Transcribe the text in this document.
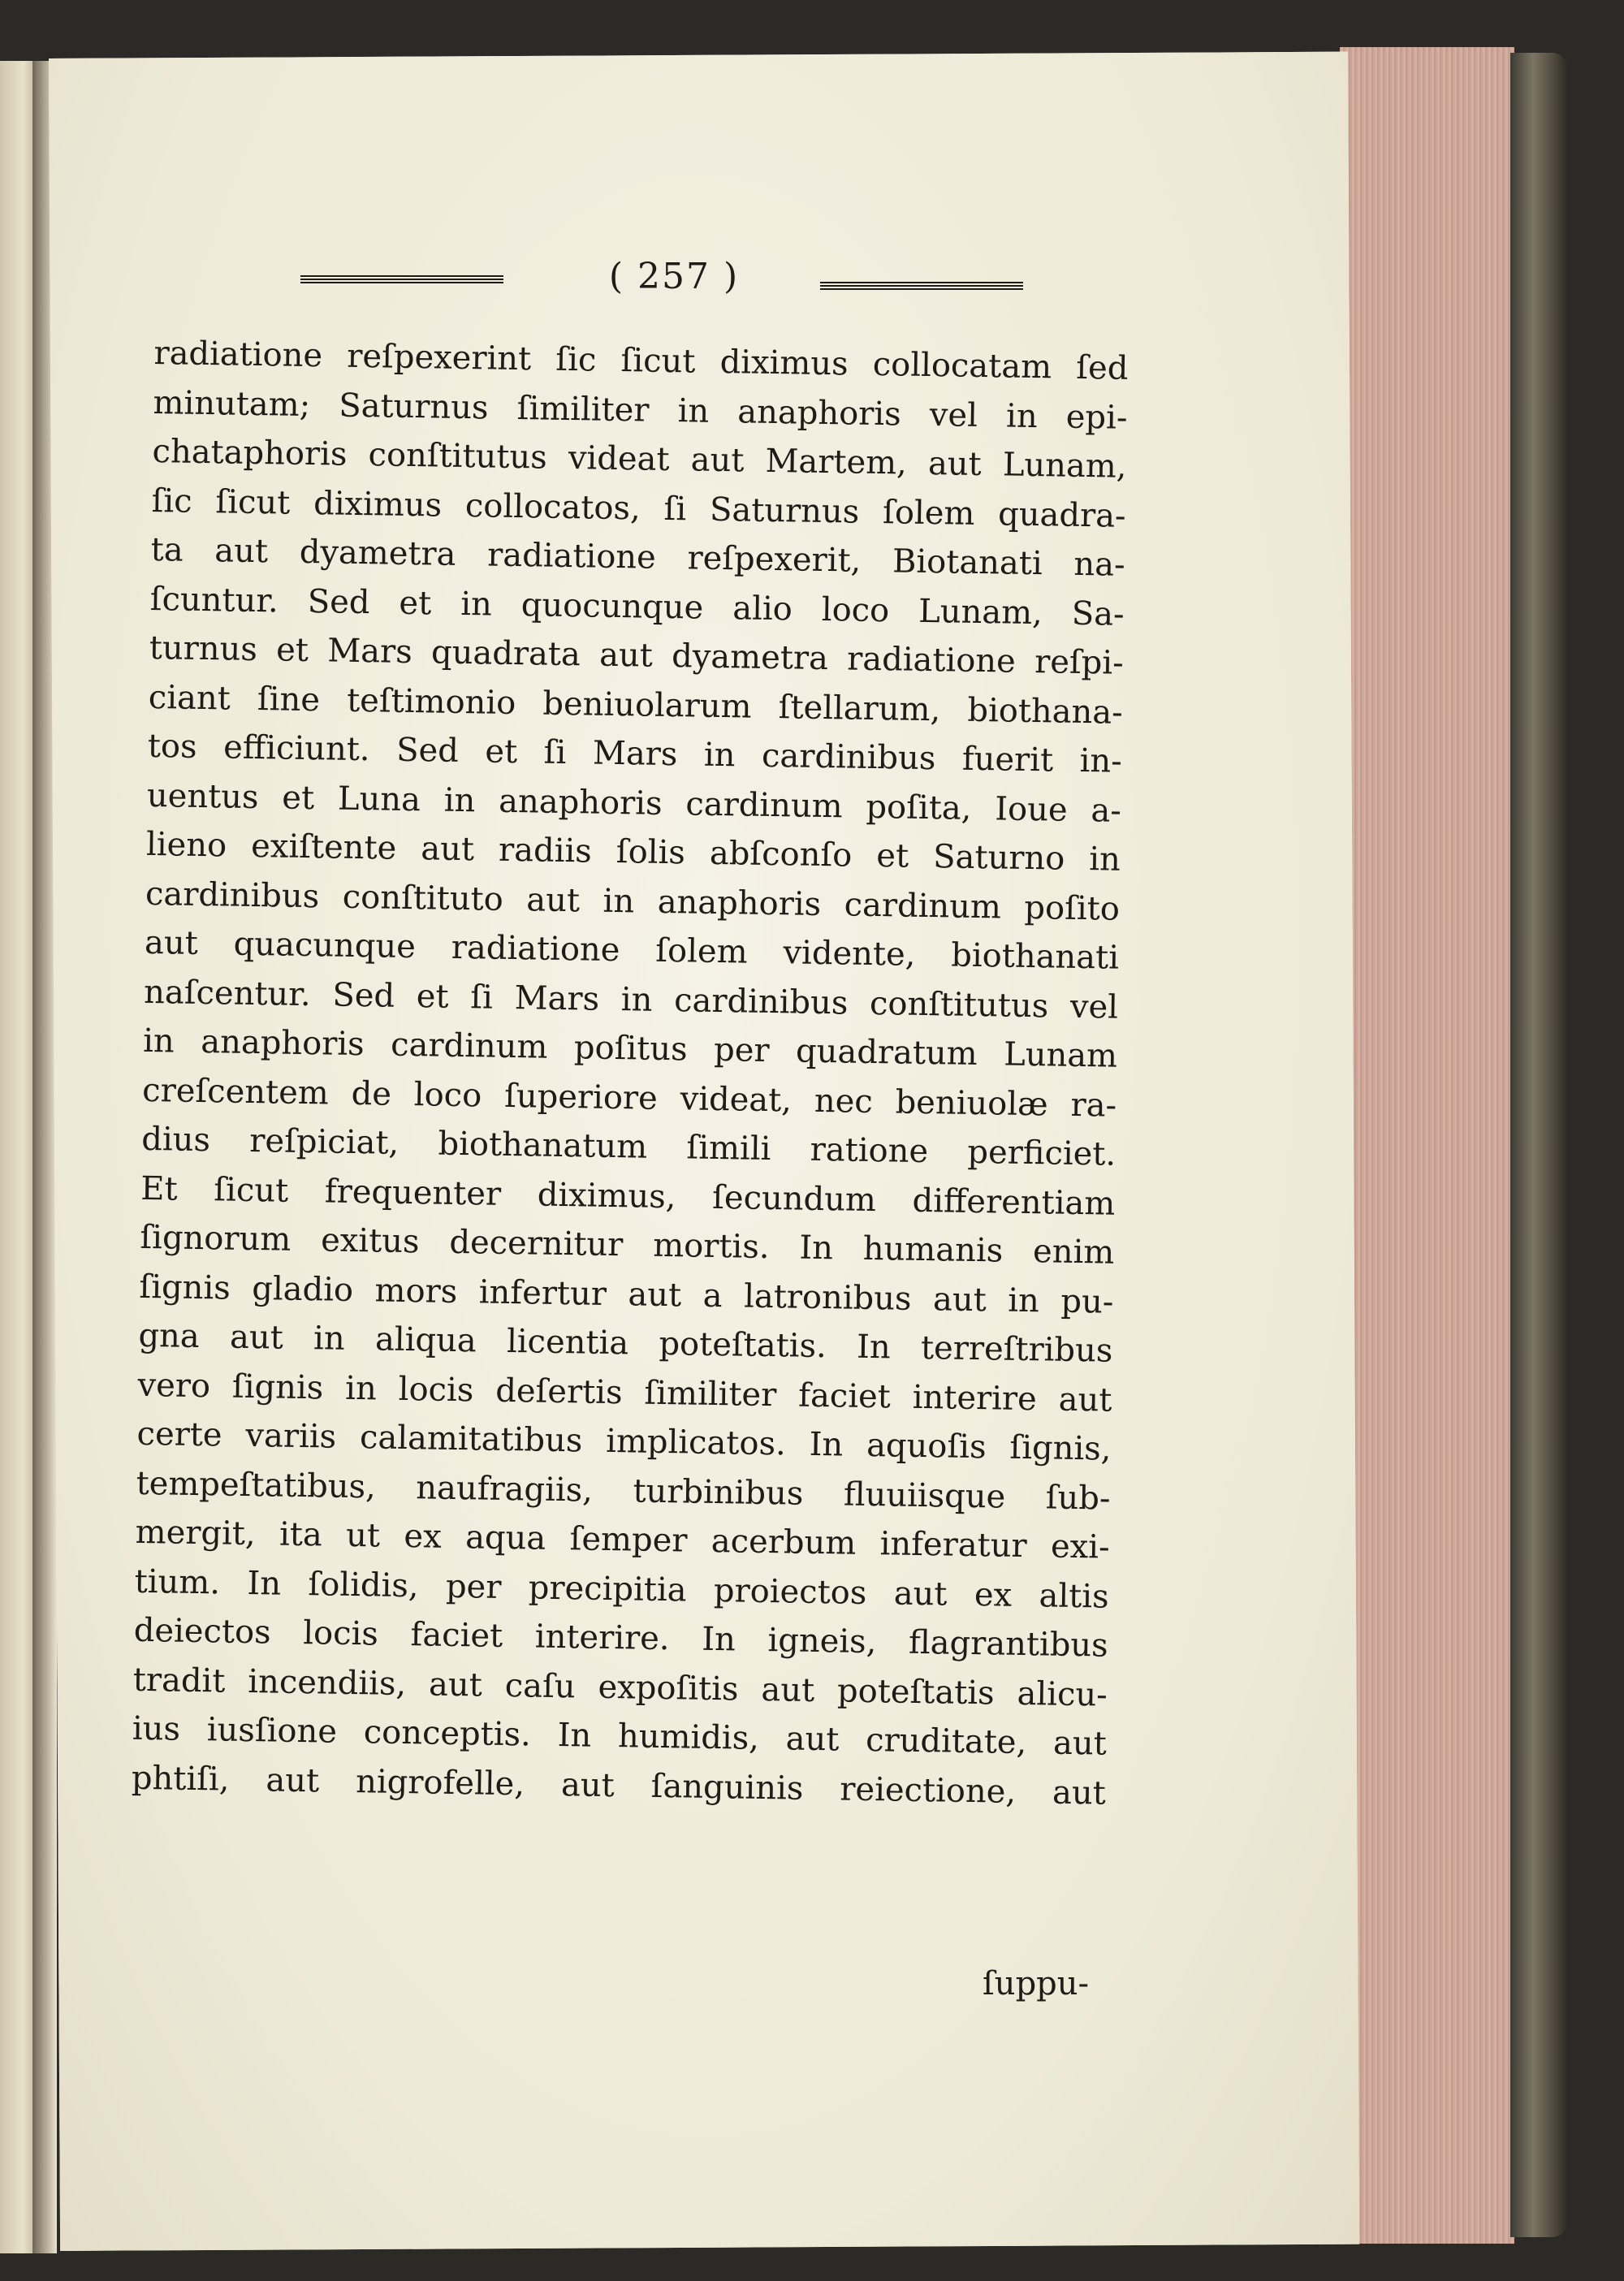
( 257 )
radiatione reſpexerint ſic ſicut diximus collocatam ſed
minutam; Saturnus ſimiliter in anaphoris vel in epi-
chataphoris conſtitutus videat aut Martem, aut Lunam,
ſic ſicut diximus collocatos, ſi Saturnus ſolem quadra-
ta aut dyametra radiatione reſpexerit, Biotanati na-
ſcuntur. Sed et in quocunque alio loco Lunam, Sa-
turnus et Mars quadrata aut dyametra radiatione reſpi-
ciant ſine teſtimonio beniuolarum ſtellarum, biothana-
tos efficiunt. Sed et ſi Mars in cardinibus fuerit in-
uentus et Luna in anaphoris cardinum poſita, Ioue a-
lieno exiſtente aut radiis ſolis abſconſo et Saturno in
cardinibus conſtituto aut in anaphoris cardinum poſito
aut quacunque radiatione ſolem vidente, biothanati
naſcentur. Sed et ſi Mars in cardinibus conſtitutus vel
in anaphoris cardinum poſitus per quadratum Lunam
creſcentem de loco ſuperiore videat, nec beniuolæ ra-
dius reſpiciat, biothanatum ſimili ratione perficiet.
Et ſicut frequenter diximus, ſecundum differentiam
ſignorum exitus decernitur mortis. In humanis enim
ſignis gladio mors infertur aut a latronibus aut in pu-
gna aut in aliqua licentia poteſtatis. In terreſtribus
vero ſignis in locis deſertis ſimiliter faciet interire aut
certe variis calamitatibus implicatos. In aquoſis ſignis,
tempeſtatibus, naufragiis, turbinibus fluuiisque ſub-
mergit, ita ut ex aqua ſemper acerbum inferatur exi-
tium. In ſolidis, per precipitia proiectos aut ex altis
deiectos locis faciet interire. In igneis, flagrantibus
tradit incendiis, aut caſu expoſitis aut poteſtatis alicu-
ius iusſione conceptis. In humidis, aut cruditate, aut
phtiſi, aut nigrofelle, aut ſanguinis reiectione, aut
ſuppu-
